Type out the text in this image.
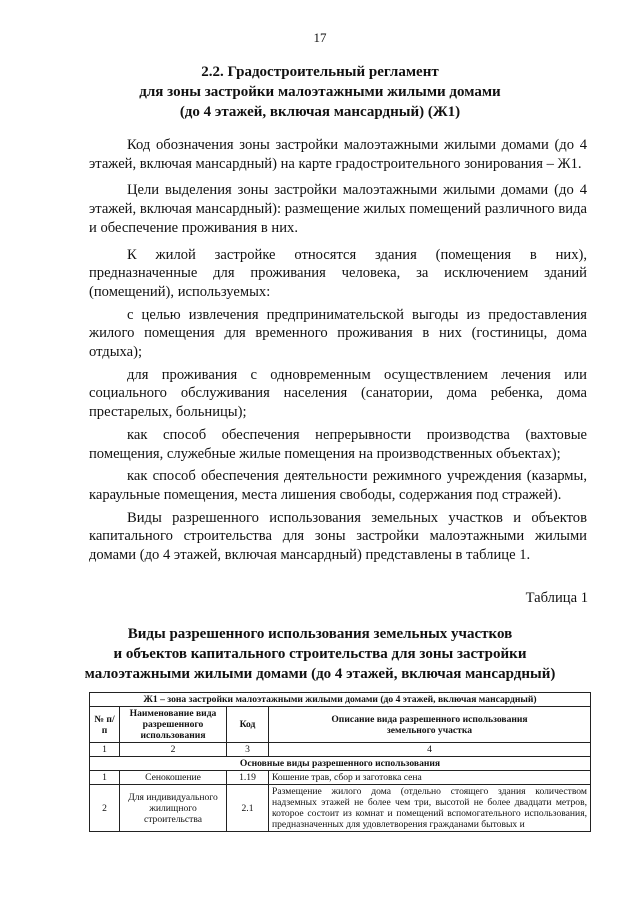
17
2.2. Градостроительный регламент
для зоны застройки малоэтажными жилыми домами
(до 4 этажей, включая мансардный) (Ж1)

Код обозначения зоны застройки малоэтажными жилыми домами (до 4 этажей, включая мансардный) на карте градостроительного зонирования – Ж1.

Цели выделения зоны застройки малоэтажными жилыми домами (до 4 этажей, включая мансардный): размещение жилых помещений различного вида и обеспечение проживания в них.

К жилой застройке относятся здания (помещения в них), предназначенные для проживания человека, за исключением зданий (помещений), используемых:

с целью извлечения предпринимательской выгоды из предоставления жилого помещения для временного проживания в них (гостиницы, дома отдыха);

для проживания с одновременным осуществлением лечения или социального обслуживания населения (санатории, дома ребенка, дома престарелых, больницы);

как способ обеспечения непрерывности производства (вахтовые помещения, служебные жилые помещения на производственных объектах);

как способ обеспечения деятельности режимного учреждения (казармы, караульные помещения, места лишения свободы, содержания под стражей).

Виды разрешенного использования земельных участков и объектов капитального строительства для зоны застройки малоэтажными жилыми домами (до 4 этажей, включая мансардный) представлены в таблице 1.

Таблица 1
Виды разрешенного использования земельных участков
и объектов капитального строительства для зоны застройки
малоэтажными жилыми домами (до 4 этажей, включая мансардный)
Ж1 – зона застройки малоэтажными жилыми домами (до 4 этажей, включая мансардный)			
№ п/п	Наименование вида разрешенного использования	Код	Описание вида разрешенного использования земельного участка
1	2	3	4
Основные виды разрешенного использования			
1	Сенокошение	1.19	Кошение трав, сбор и заготовка сена
2	Для индивидуального жилищного строительства	2.1	Размещение жилого дома (отдельно стоящего здания количеством надземных этажей не более чем три, высотой не более двадцати метров, которое состоит из комнат и помещений вспомогательного использования, предназначенных для удовлетворения гражданами бытовых и
